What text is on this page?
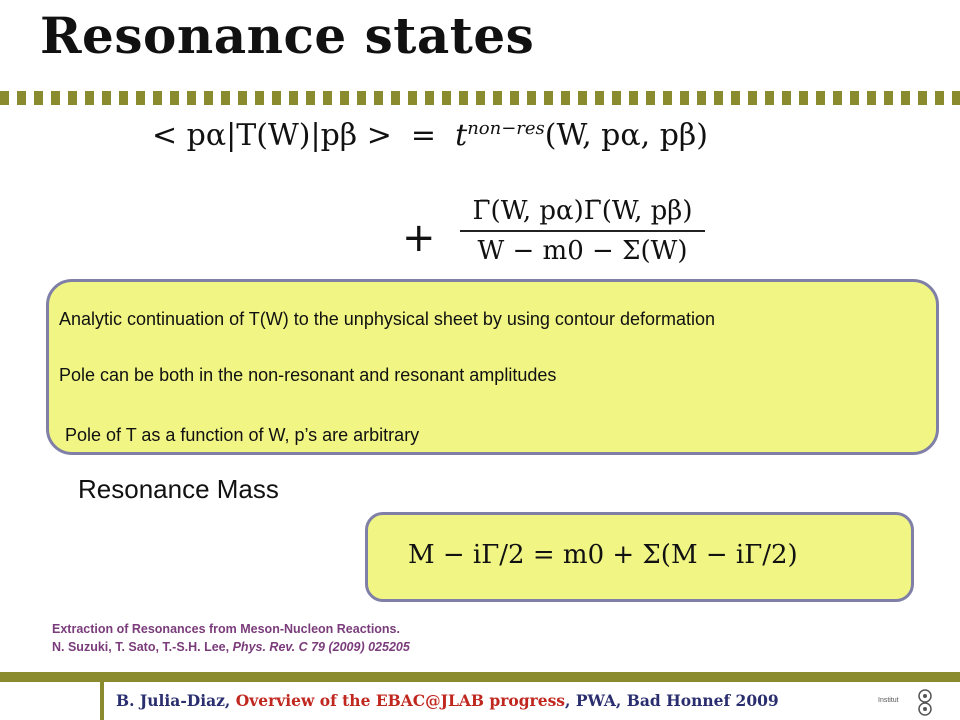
Resonance states
< pα|T(W)|pβ > = $t^{non-res}(W$, pα, pβ)
+ $\frac{\Gammā(W, p\alpha)\Gammā(W, p\beta)}{W - m0 - \Sigma(W)}$
Analytic continuation of T(W) to the unphysical sheet by using contour deformation
Pole can be both in the non-resonant and resonant amplitudes
Pole of T as a function of W, p’s are arbitrary
Resonance Mass
M − iΓ/2 = m0 + Σ(M − iΓ/2)
Extraction of Resonances from Meson-Nucleon Reactions.
N. Suzuki, T. Sato, T.-S.H. Lee, Phys. Rev. C 79 (2009) 025205
B. Julia-Diaz, Overview of the EBAC@JLAB progress, PWA, Bad Honnef 2009	Institut
